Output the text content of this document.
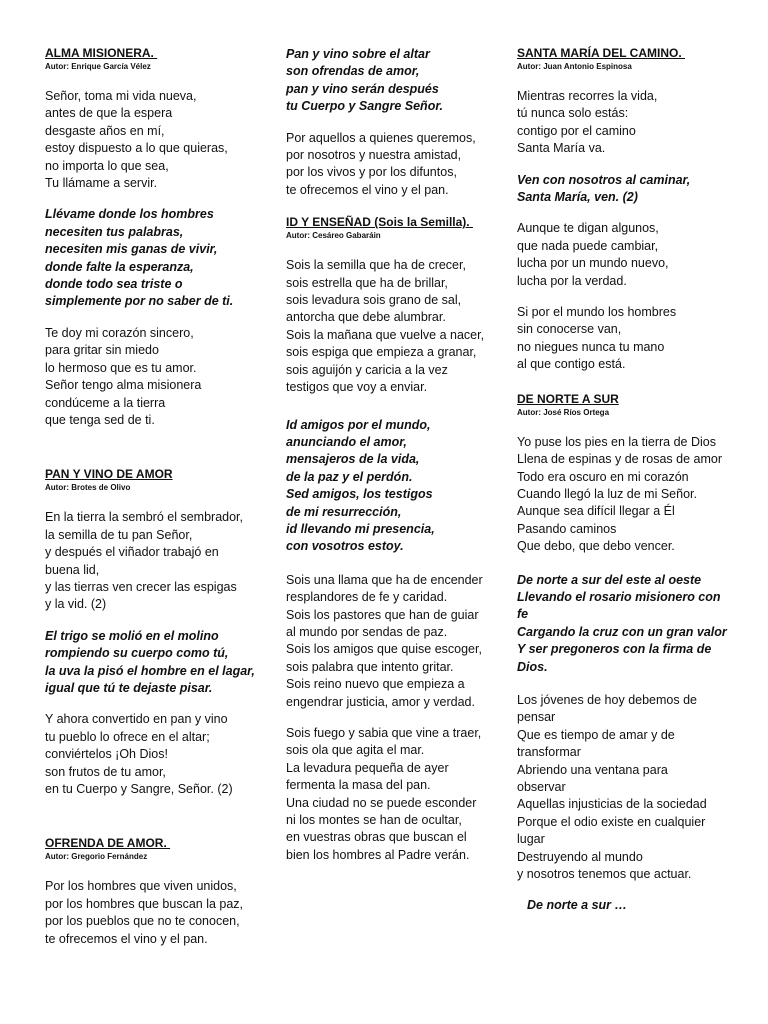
ALMA MISIONERA.

Autor: Enrique García Vélez

Señor, toma mi vida nueva,
antes de que la espera
desgaste años en mí,
estoy dispuesto a lo que quieras,
no importa lo que sea,
Tu llámame a servir.

Llévame donde los hombres
necesiten tus palabras,
necesiten mis ganas de vivir,
donde falte la esperanza,
donde todo sea triste o
simplemente por no saber de ti.

Te doy mi corazón sincero,
para gritar sin miedo
lo hermoso que es tu amor.
Señor tengo alma misionera
condúceme a la tierra
que tenga sed de ti.

PAN Y VINO DE AMOR

Autor: Brotes de Olivo

En la tierra la sembró el sembrador,
la semilla de tu pan Señor,
y después el viñador trabajó en
buena lid,
y las tierras ven crecer las espigas
y la vid. (2)

El trigo se molió en el molino
rompiendo su cuerpo como tú,
la uva la pisó el hombre en el lagar,
igual que tú te dejaste pisar.

Y ahora convertido en pan y vino
tu pueblo lo ofrece en el altar;
conviértelos ¡Oh Dios!
son frutos de tu amor,
en tu Cuerpo y Sangre, Señor. (2)

OFRENDA DE AMOR.

Autor: Gregorio Fernández

Por los hombres que viven unidos,
por los hombres que buscan la paz,
por los pueblos que no te conocen,
te ofrecemos el vino y el pan.

Pan y vino sobre el altar
son ofrendas de amor,
pan y vino serán después
tu Cuerpo y Sangre Señor.

Por aquellos a quienes queremos,
por nosotros y nuestra amistad,
por los vivos y por los difuntos,
te ofrecemos el vino y el pan.

ID Y ENSEÑAD (Sois la Semilla).

Autor: Cesáreo Gabaráin

Sois la semilla que ha de crecer,
sois estrella que ha de brillar,
sois levadura sois grano de sal,
antorcha que debe alumbrar.
Sois la mañana que vuelve a nacer,
sois espiga que empieza a granar,
sois aguijón y caricia a la vez
testigos que voy a enviar.

Id amigos por el mundo,
anunciando el amor,
mensajeros de la vida,
de la paz y el perdón.
Sed amigos, los testigos
de mi resurrección,
id llevando mi presencia,
con vosotros estoy.

Sois una llama que ha de encender
resplandores de fe y caridad.
Sois los pastores que han de guiar
al mundo por sendas de paz.
Sois los amigos que quise escoger,
sois palabra que intento gritar.
Sois reino nuevo que empieza a
engendrar justicia, amor y verdad.

Sois fuego y sabia que vine a traer,
sois ola que agita el mar.
La levadura pequeña de ayer
fermenta la masa del pan.
Una ciudad no se puede esconder
ni los montes se han de ocultar,
en vuestras obras que buscan el
bien los hombres al Padre verán.

SANTA MARÍA DEL CAMINO.

Autor: Juan Antonio Espinosa

Mientras recorres la vida,
tú nunca solo estás:
contigo por el camino
Santa María va.

Ven con nosotros al caminar,
Santa María, ven. (2)

Aunque te digan algunos,
que nada puede cambiar,
lucha por un mundo nuevo,
lucha por la verdad.

Si por el mundo los hombres
sin conocerse van,
no niegues nunca tu mano
al que contigo está.

DE NORTE A SUR

Autor: José Ríos Ortega

Yo puse los pies en la tierra de Dios
Llena de espinas y de rosas de amor
Todo era oscuro en mi corazón
Cuando llegó la luz de mi Señor.
Aunque sea difícil llegar a Él
Pasando caminos
Que debo, que debo vencer.

De norte a sur del este al oeste
Llevando el rosario misionero con
fe
Cargando la cruz con un gran valor
Y ser pregoneros con la firma de
Dios.

Los jóvenes de hoy debemos de
pensar
Que es tiempo de amar y de
transformar
Abriendo una ventana para
observar
Aquellas injusticias de la sociedad
Porque el odio existe en cualquier
lugar
Destruyendo al mundo
y nosotros tenemos que actuar.

De norte a sur …
